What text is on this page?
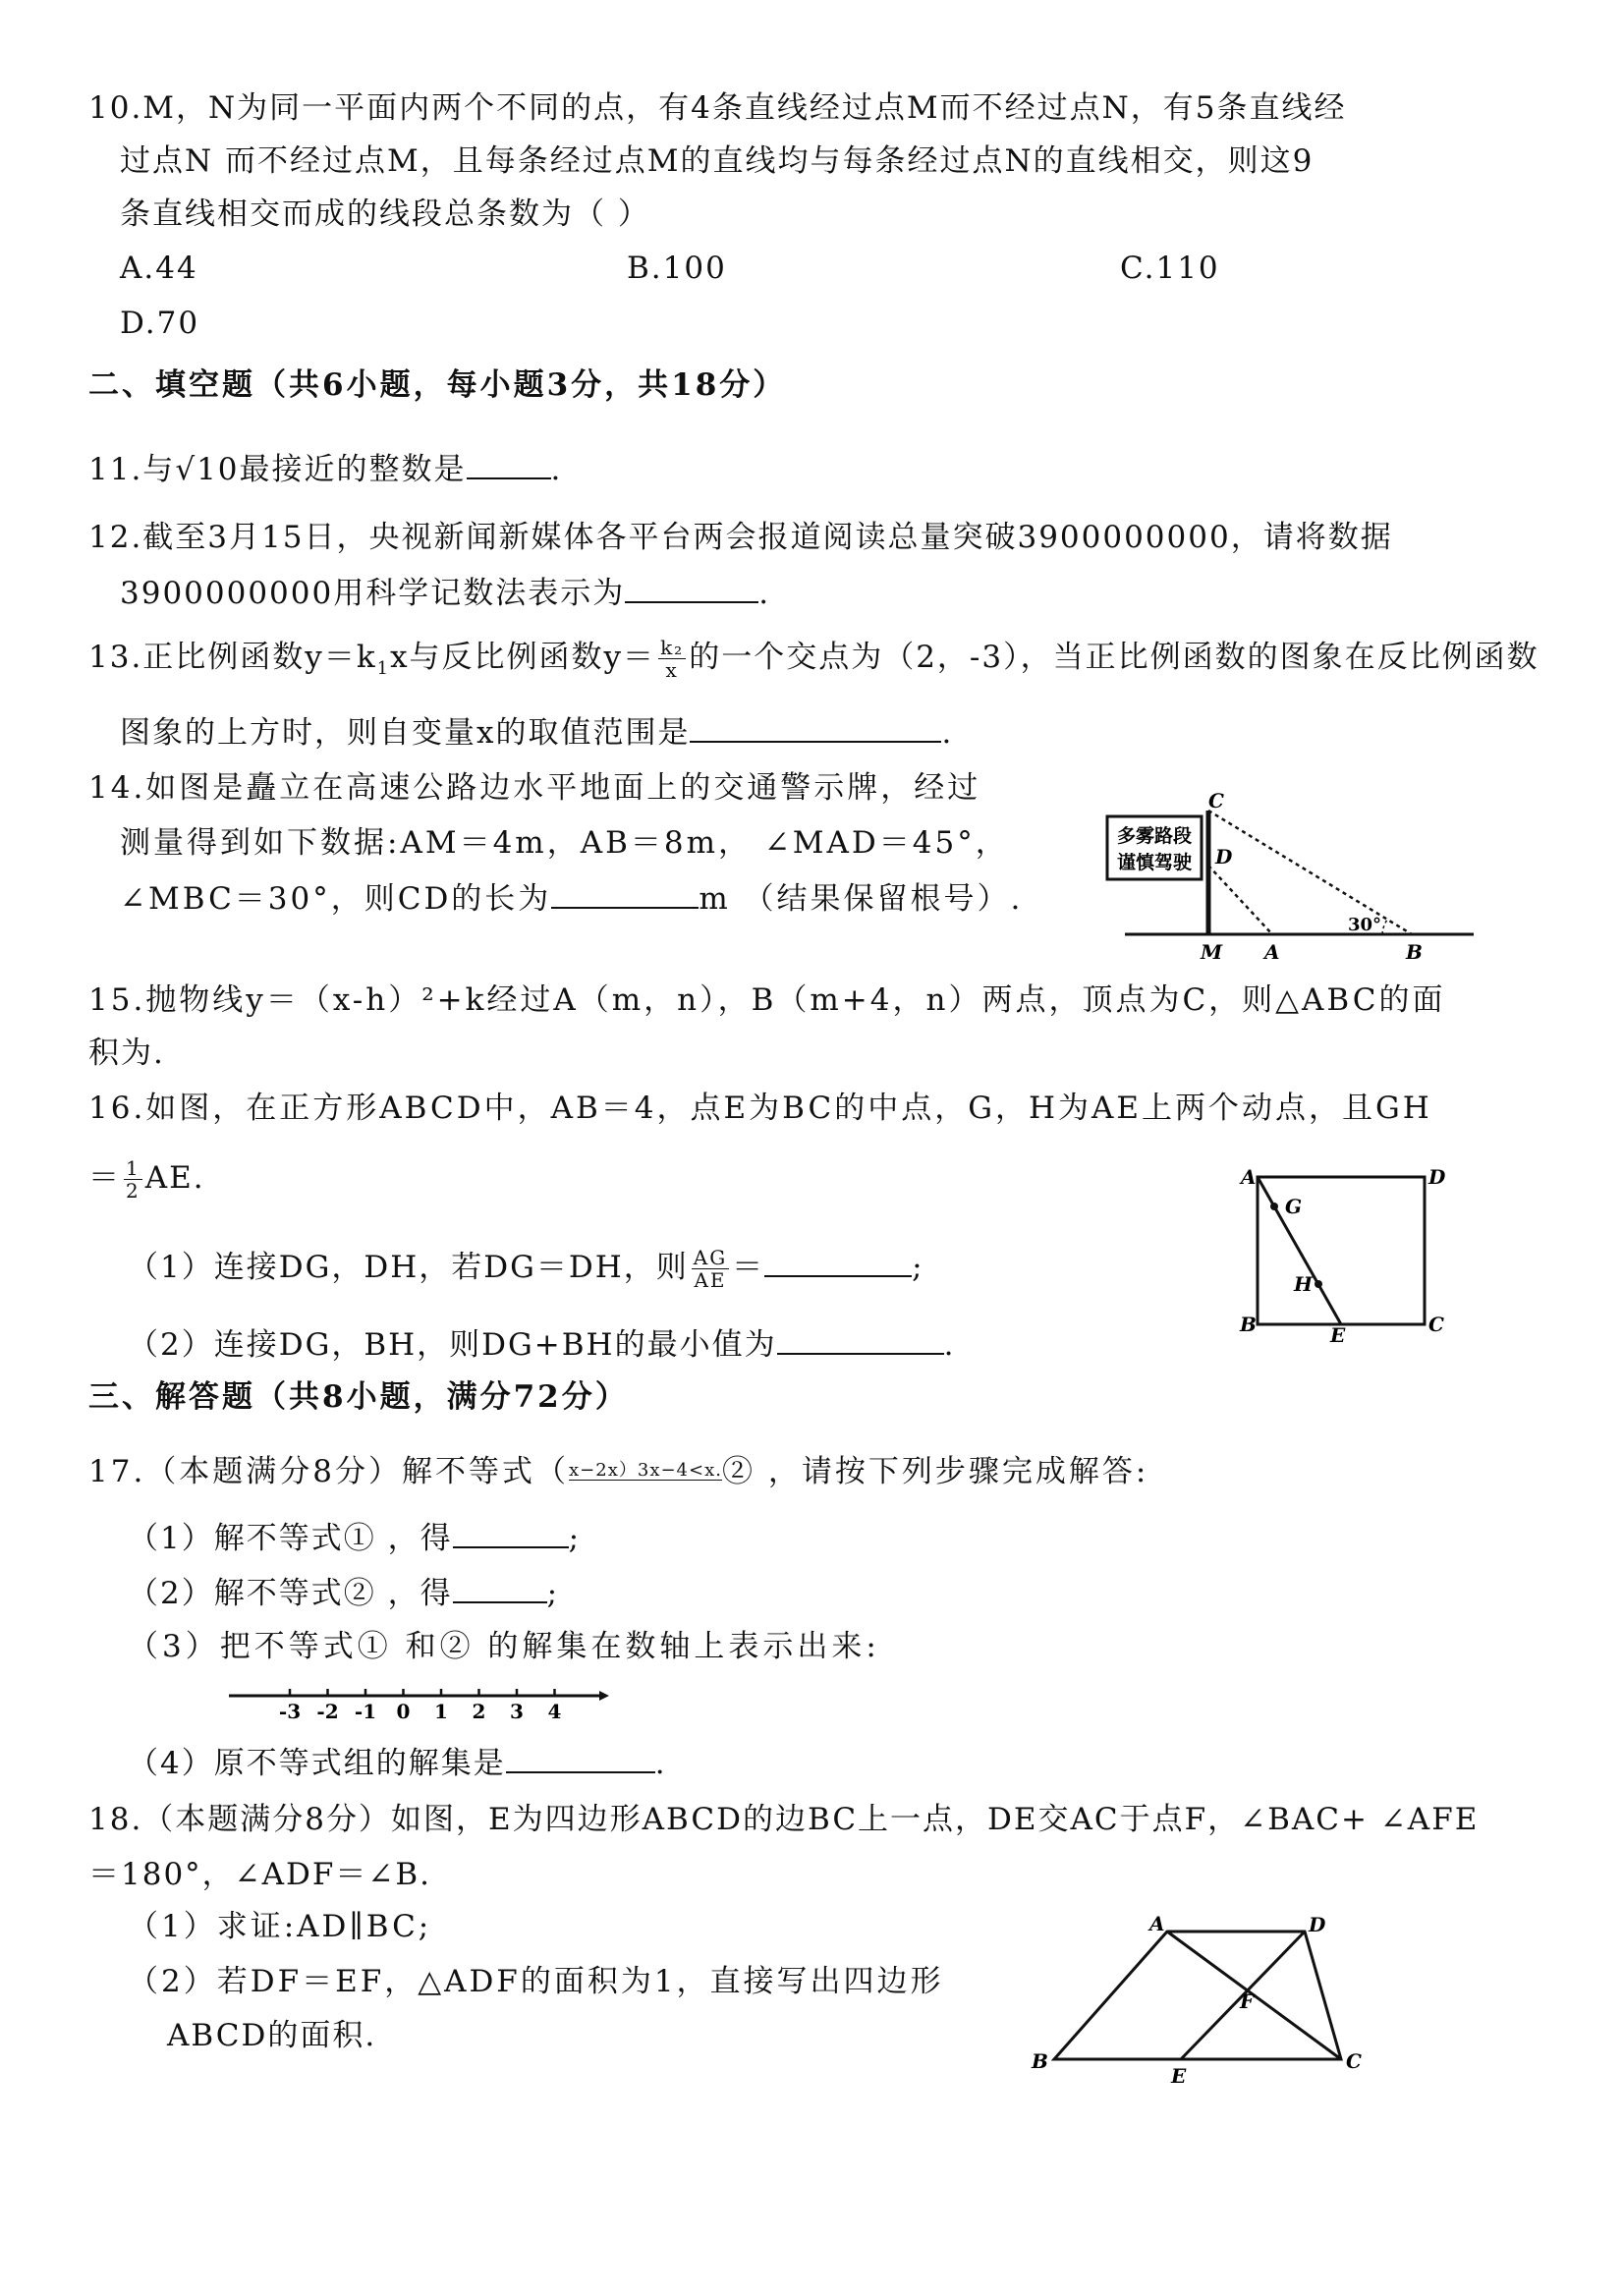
10.M，N为同一平面内两个不同的点，有4条直线经过点M而不经过点N，有5条直线经
过点N 而不经过点M，且每条经过点M的直线均与每条经过点N的直线相交，则这9
条直线相交而成的线段总条数为（ ）
A.44	B.100	C.110
D.70
二、填空题（共6小题，每小题3分，共18分）
11.与√10最接近的整数是	.
12.截至3月15日，央视新闻新媒体各平台两会报道阅读总量突破3900000000，请将数据
3900000000用科学记数法表示为	.
13.正比例函数$y=k_1x$与反比例函数$y= \frac{\text{k₂}}{x}$ 的一个交点为（2，-3），当正比例函数的图象在反比例函数
图象的上方时，则自变量x的取值范围是	.
14.如图是矗立在高速公路边水平地面上的交通警示牌，经过
测量得到如下数据:AM＝4m，AB＝8m， ∠MAD＝45°，
∠MBC＝30°，则CD的长为	m （结果保留根号）.
多雾路段
谨慎驾驶
C
D
M A	B
30°
15.抛物线y＝（x-h）²+k经过A（m，n），B（m+4，n）两点，顶点为C，则△ABC的面
积为.
16.如图，在正方形ABCD中，AB＝4，点E为BC的中点，G，H为AE上两个动点，且GH
＝ $\frac{1}{2}$ AE.
（1）连接DG，DH，若DG＝DH，则 $\frac{AG}{AE}$ ＝	;
（2）连接DG，BH，则DG+BH的最小值为	.
A	D
G
H
B	E	C
三、解答题（共8小题，满分72分）
17.（本题满分8分）解不等式（x−2x）3x−4<x.② ，请按下列步骤完成解答:
（1）解不等式① ，得	;
（2）解不等式② ，得	;
（3）把不等式① 和② 的解集在数轴上表示出来:
-3 -2 -1 0 1 2 3 4
（4）原不等式组的解集是	.
18.（本题满分8分）如图，E为四边形ABCD的边BC上一点，DE交AC于点F，∠BAC+ ∠AFE
＝180°，∠ADF＝∠B.
（1）求证:AD∥BC;
（2）若DF＝EF，△ADF的面积为1，直接写出四边形
ABCD的面积.
A	D
F
B
E
C
